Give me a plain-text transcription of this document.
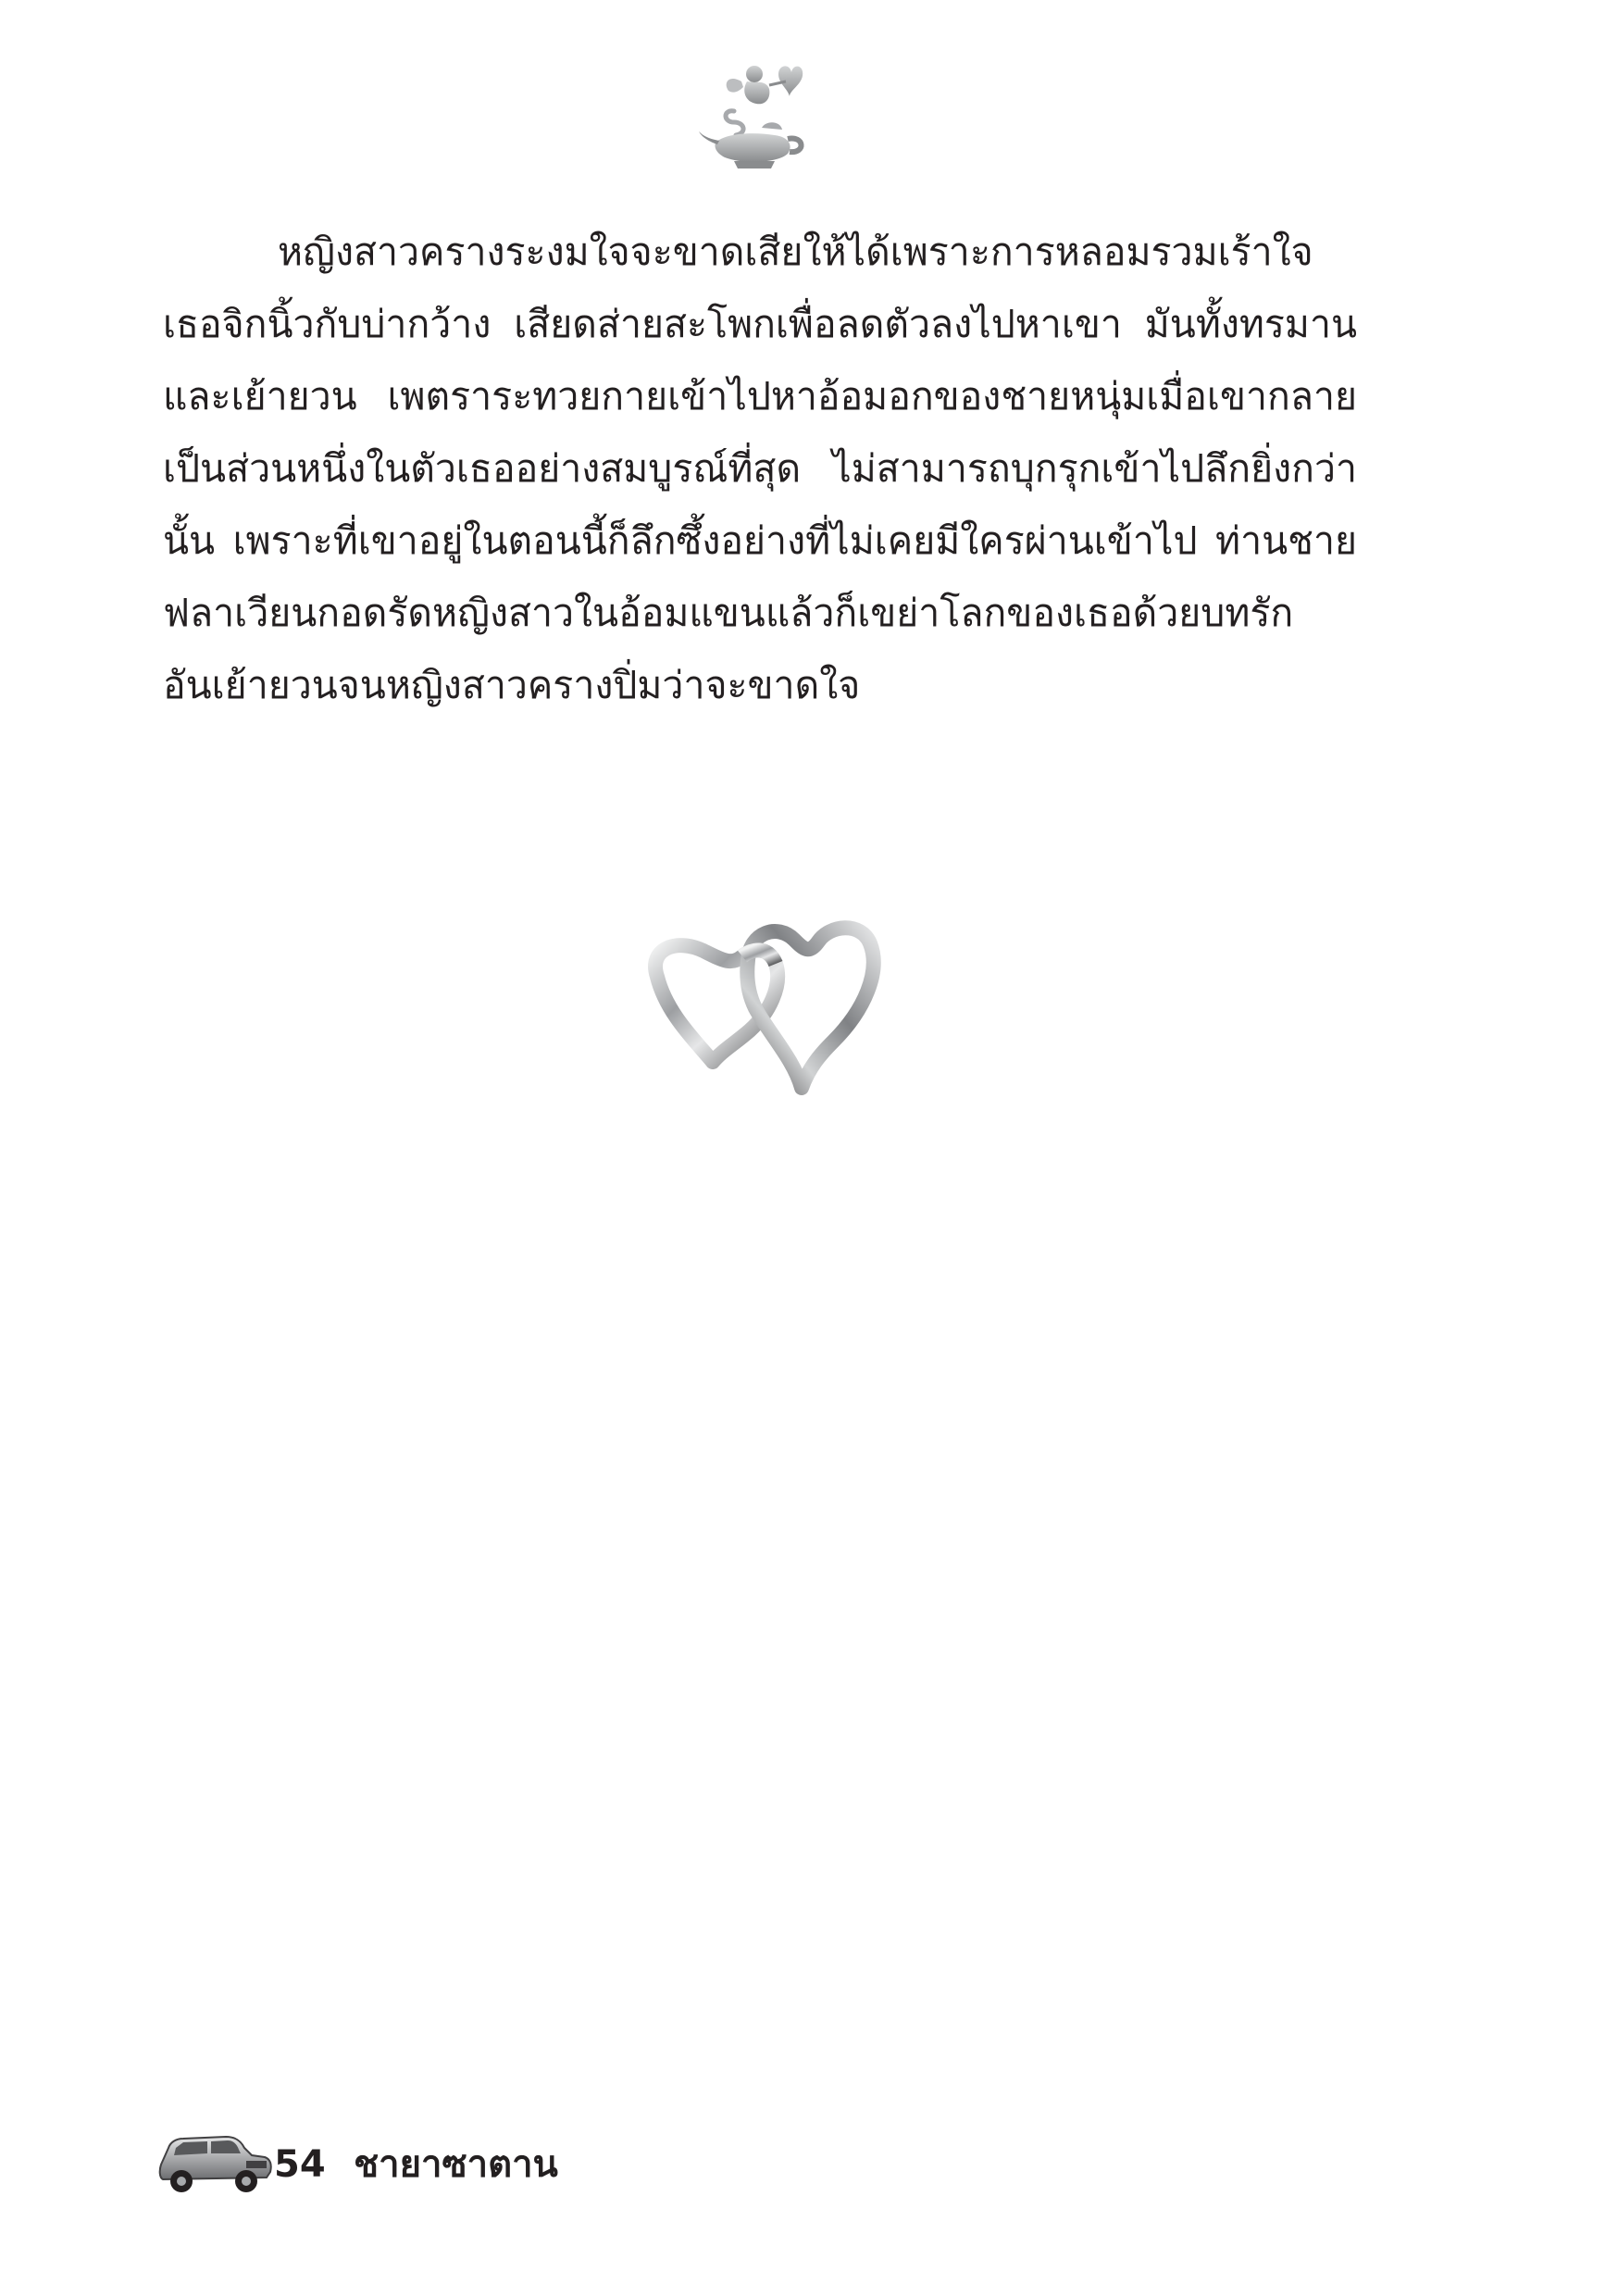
หญิงสาวครางระงมใจจะขาดเสียให้ได้เพราะการหลอมรวมเร้าใจ
เธอจิกนิ้วกับบ่ากว้าง เสียดส่ายสะโพกเพื่อลดตัวลงไปหาเขา มันทั้งทรมาน
และเย้ายวน เพตราระทวยกายเข้าไปหาอ้อมอกของชายหนุ่มเมื่อเขากลาย
เป็นส่วนหนึ่งในตัวเธออย่างสมบูรณ์ที่สุด ไม่สามารถบุกรุกเข้าไปลึกยิ่งกว่า
นั้น เพราะที่เขาอยู่ในตอนนี้ก็ลึกซึ้งอย่างที่ไม่เคยมีใครผ่านเข้าไป ท่านชาย
ฟลาเวียนกอดรัดหญิงสาวในอ้อมแขนแล้วก็เขย่าโลกของเธอด้วยบทรัก
อันเย้ายวนจนหญิงสาวครางปิ่มว่าจะขาดใจ
54 ชายาซาตาน
